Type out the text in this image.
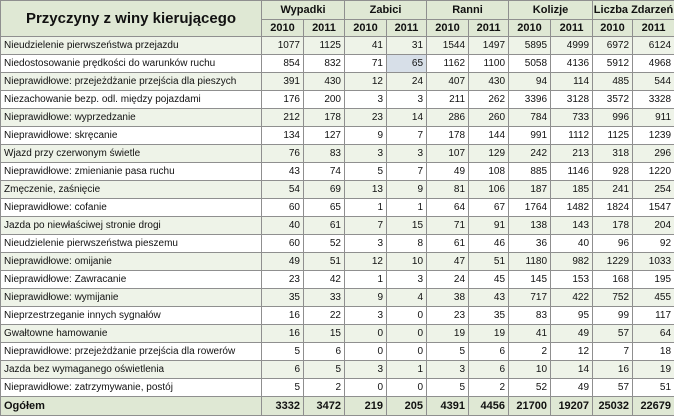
Przyczyny z winy kierującego	Wypadki		Zabici		Ranni		Kolizje		Liczba Zdarzeń	
	2010	2011	2010	2011	2010	2011	2010	2011	2010	2011
Nieudzielenie pierwszeństwa przejazdu	1077	1125	41	31	1544	1497	5895	4999	6972	6124
Niedostosowanie prędkości do warunków ruchu	854	832	71	65	1162	1100	5058	4136	5912	4968
Nieprawidłowe: przejeżdżanie przejścia dla pieszych	391	430	12	24	407	430	94	114	485	544
Niezachowanie bezp. odl. między pojazdami	176	200	3	3	211	262	3396	3128	3572	3328
Nieprawidłowe: wyprzedzanie	212	178	23	14	286	260	784	733	996	911
Nieprawidłowe: skręcanie	134	127	9	7	178	144	991	1112	1125	1239
Wjazd przy czerwonym świetle	76	83	3	3	107	129	242	213	318	296
Nieprawidłowe: zmienianie pasa ruchu	43	74	5	7	49	108	885	1146	928	1220
Zmęczenie, zaśnięcie	54	69	13	9	81	106	187	185	241	254
Nieprawidłowe: cofanie	60	65	1	1	64	67	1764	1482	1824	1547
Jazda po niewłaściwej stronie drogi	40	61	7	15	71	91	138	143	178	204
Nieudzielenie pierwszeństwa pieszemu	60	52	3	8	61	46	36	40	96	92
Nieprawidłowe: omijanie	49	51	12	10	47	51	1180	982	1229	1033
Nieprawidłowe: Zawracanie	23	42	1	3	24	45	145	153	168	195
Nieprawidłowe: wymijanie	35	33	9	4	38	43	717	422	752	455
Nieprzestrzeganie innych sygnałów	16	22	3	0	23	35	83	95	99	117
Gwałtowne hamowanie	16	15	0	0	19	19	41	49	57	64
Nieprawidłowe: przejeżdżanie przejścia dla rowerów	5	6	0	0	5	6	2	12	7	18
Jazda bez wymaganego oświetlenia	6	5	3	1	3	6	10	14	16	19
Nieprawidłowe: zatrzymywanie, postój	5	2	0	0	5	2	52	49	57	51
Ogółem	3332	3472	219	205	4391	4456	21700	19207	25032	22679
